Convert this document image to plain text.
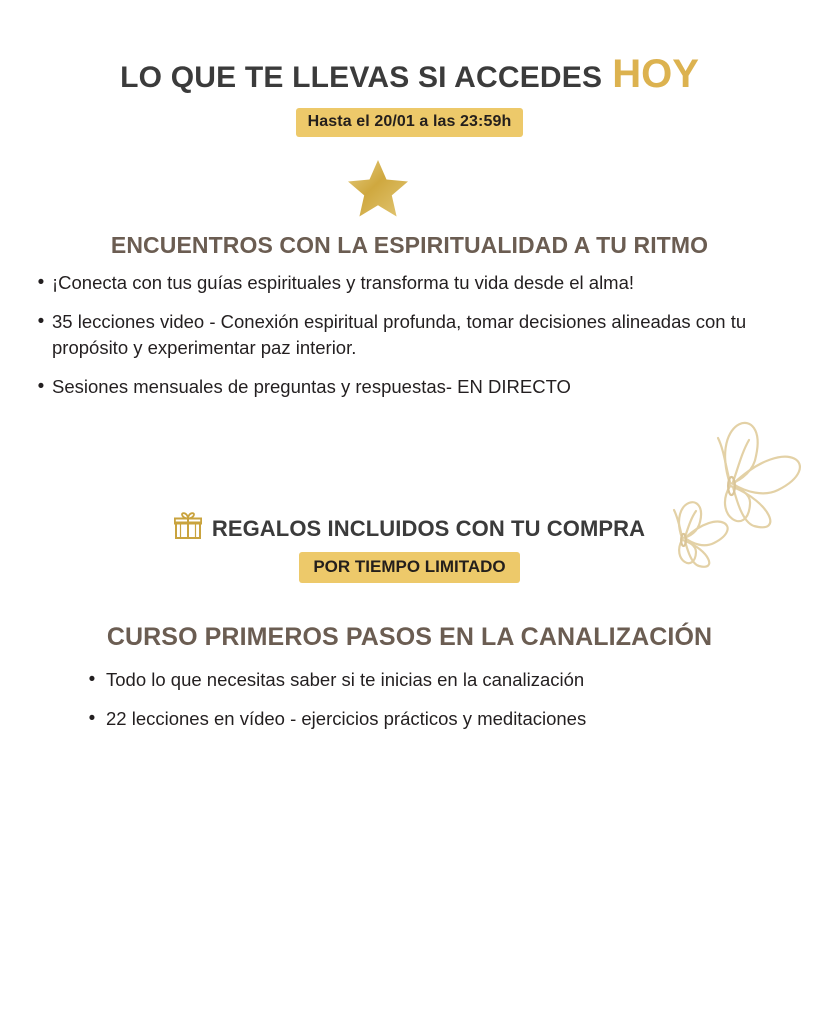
LO QUE TE LLEVAS SI ACCEDES HOY
Hasta el 20/01 a las 23:59h
ENCUENTROS CON LA ESPIRITUALIDAD A TU RITMO
• ¡Conecta con tus guías espirituales y transforma tu vida desde el alma!
• 35 lecciones video - Conexión espiritual profunda, tomar decisiones alineadas con tu propósito y experimentar paz interior.
• Sesiones mensuales de preguntas y respuestas- EN DIRECTO
REGALOS INCLUIDOS CON TU COMPRA
POR TIEMPO LIMITADO
CURSO PRIMEROS PASOS EN LA CANALIZACIÓN
• Todo lo que necesitas saber si te inicias en la canalización
• 22 lecciones en vídeo - ejercicios prácticos y meditaciones
